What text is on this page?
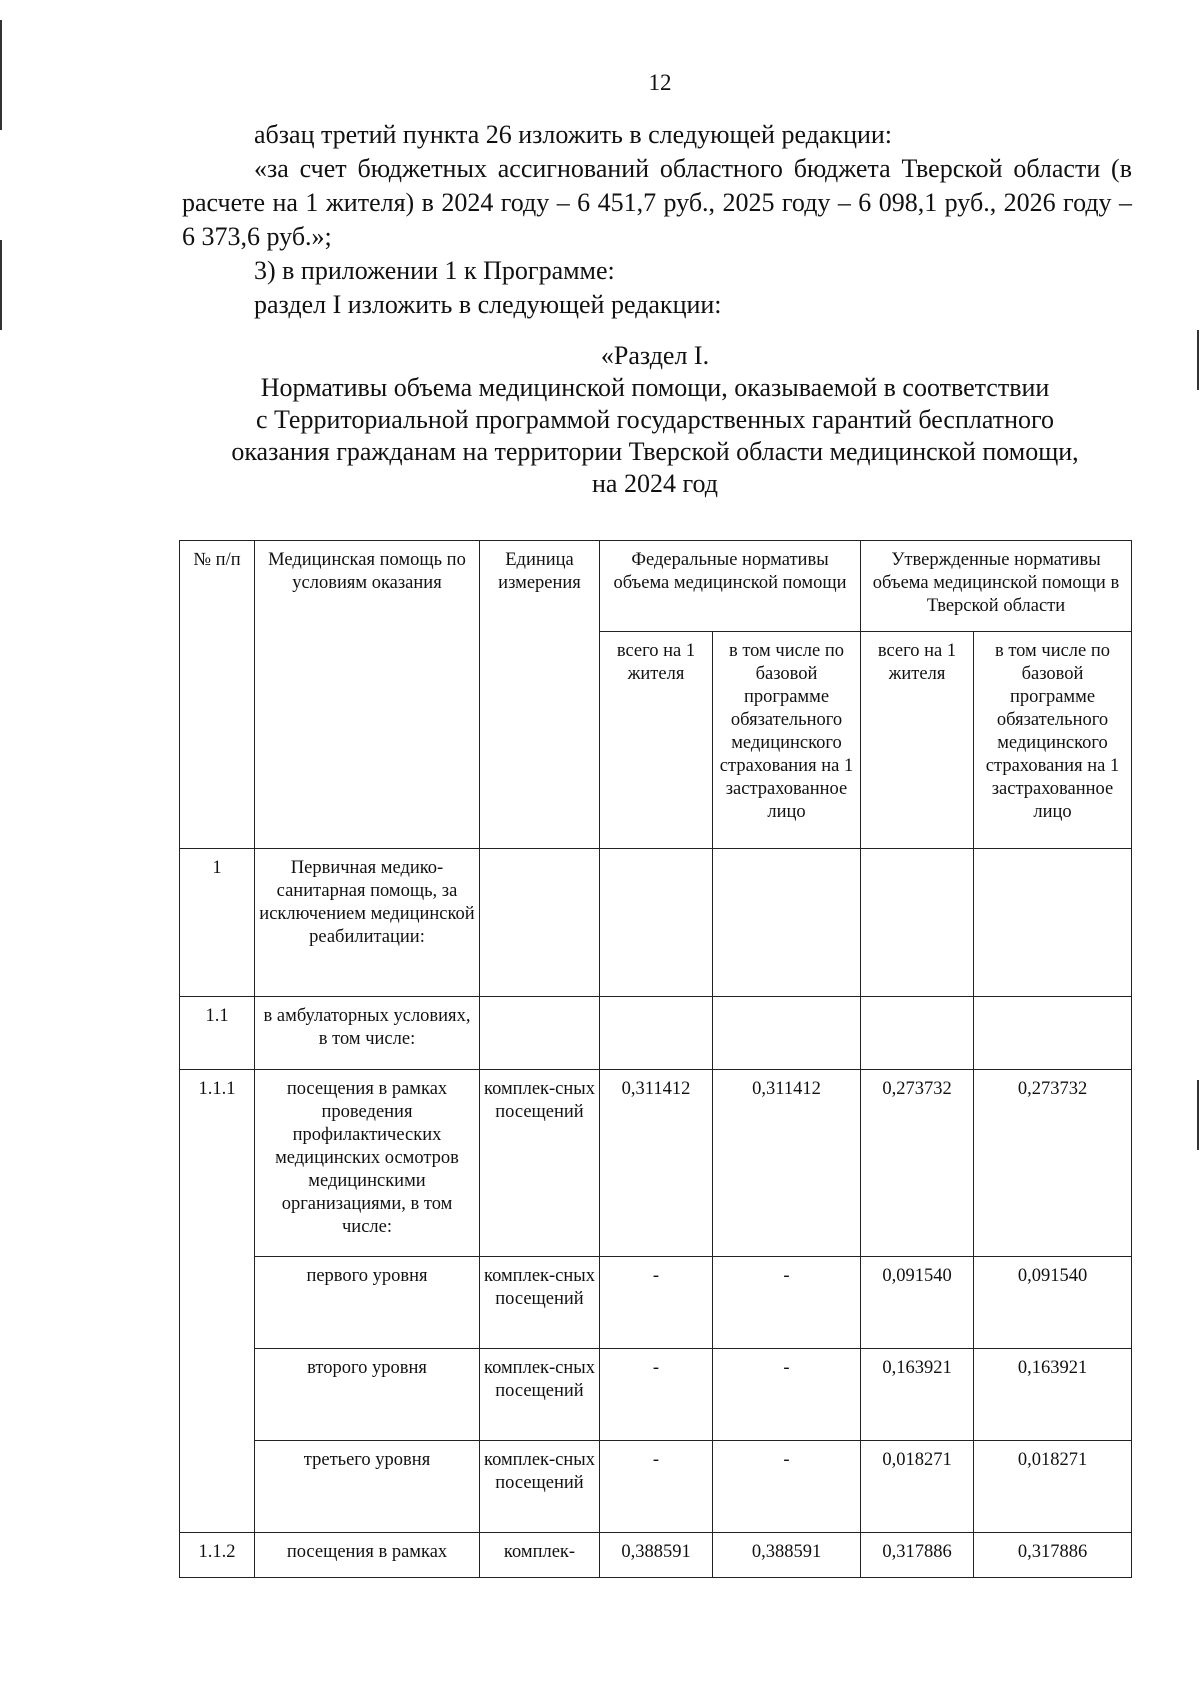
12

абзац третий пункта 26 изложить в следующей редакции:

«за счет бюджетных ассигнований областного бюджета Тверской области (в расчете на 1 жителя) в 2024 году – 6 451,7 руб., 2025 году – 6 098,1 руб., 2026 году – 6 373,6 руб.»;

3) в приложении 1 к Программе:

раздел I изложить в следующей редакции:

«Раздел I.
Нормативы объема медицинской помощи, оказываемой в соответствии
с Территориальной программой государственных гарантий бесплатного
оказания гражданам на территории Тверской области медицинской помощи,
на 2024 год
№ п/п	Медицинская помощь по условиям оказания	Единица измерения	Федеральные нормативы объема медицинской помощи		Утвержденные нормативы объема медицинской помощи в Тверской области	
			всего на 1 жителя	в том числе по базовой программе обязательного медицинского страхования на 1 застрахованное лицо	всего на 1 жителя	в том числе по базовой программе обязательного медицинского страхования на 1 застрахованное лицо
1	Первичная медико-санитарная помощь, за исключением медицинской реабилитации:					
1.1	в амбулаторных условиях, в том числе:					
1.1.1	посещения в рамках проведения профилактических медицинских осмотров медицинскими организациями, в том числе:	комплек-сных посещений	0,311412	0,311412	0,273732	0,273732
	первого уровня	комплек-сных посещений	-	-	0,091540	0,091540
	второго уровня	комплек-сных посещений	-	-	0,163921	0,163921
	третьего уровня	комплек-сных посещений	-	-	0,018271	0,018271
1.1.2	посещения в рамках	комплек-	0,388591	0,388591	0,317886	0,317886
